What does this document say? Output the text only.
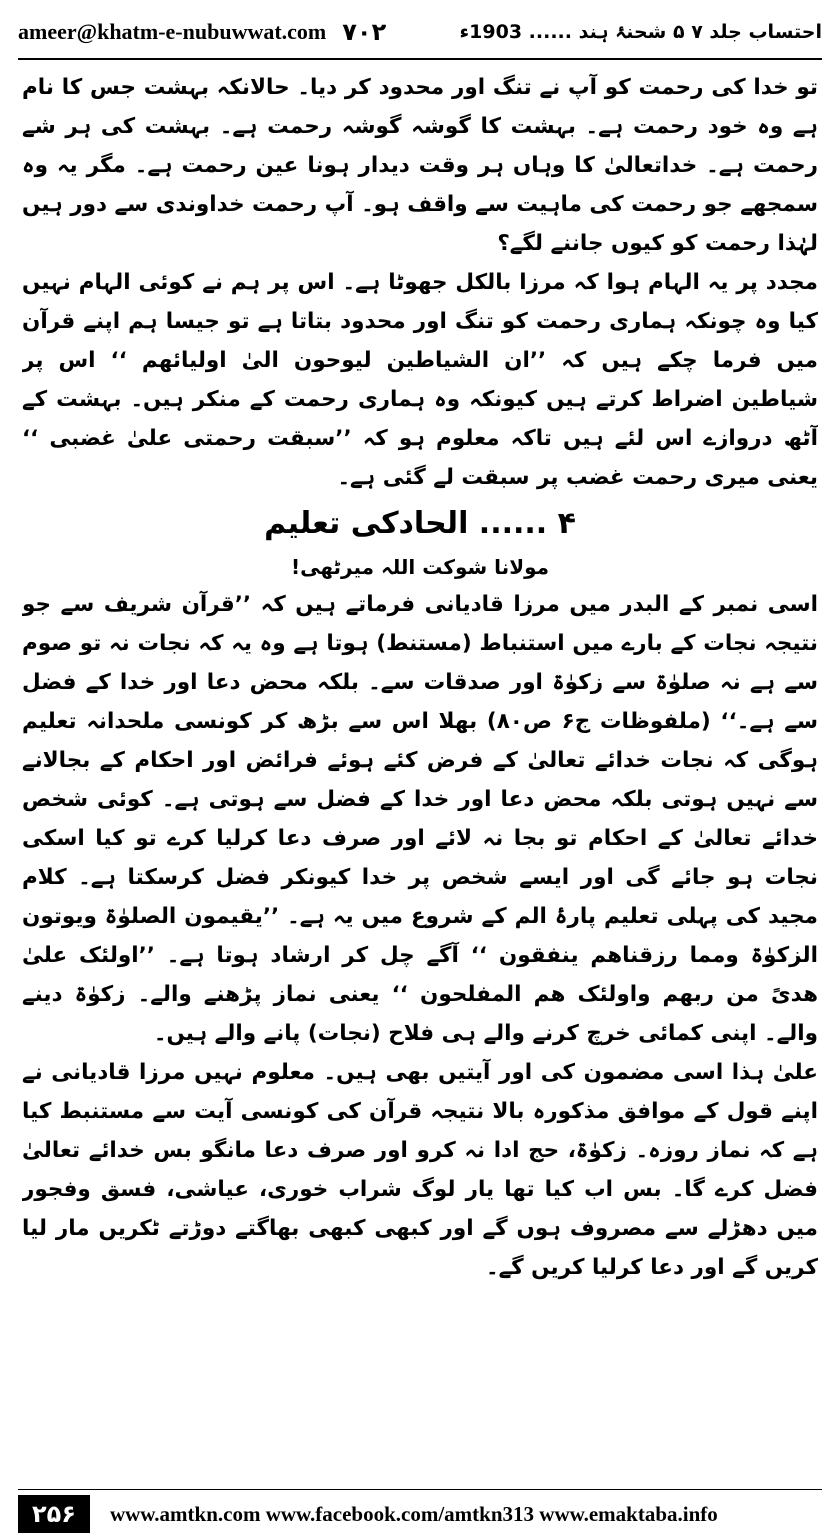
ameer@khatm-e-nubuwwat.com ۷۰۲	احتساب جلد ۷ ۵ شحنۂ ہند ...... 1903ء

تو خدا کی رحمت کو آپ نے تنگ اور محدود کر دیا۔ حالانکہ بہشت جس کا نام ہے وہ خود رحمت ہے۔ بہشت کا گوشہ گوشہ رحمت ہے۔ بہشت کی ہر شے رحمت ہے۔ خداتعالیٰ کا وہاں ہر وقت دیدار ہونا عین رحمت ہے۔ مگر یہ وہ سمجھے جو رحمت کی ماہیت سے واقف ہو۔ آپ رحمت خداوندی سے دور ہیں لہٰذا رحمت کو کیوں جاننے لگے؟

مجدد پر یہ الہام ہوا کہ مرزا بالکل جھوٹا ہے۔ اس پر ہم نے کوئی الہام نہیں کیا وہ چونکہ ہماری رحمت کو تنگ اور محدود بتاتا ہے تو جیسا ہم اپنے قرآن میں فرما چکے ہیں کہ ’’ان الشیاطین لیوحون الیٰ اولیائھم ‘‘ اس پر شیاطین اضراط کرتے ہیں کیونکہ وہ ہماری رحمت کے منکر ہیں۔ بہشت کے آٹھ دروازے اس لئے ہیں تاکہ معلوم ہو کہ ’’سبقت رحمتی علیٰ غضبی ‘‘ یعنی میری رحمت غضب پر سبقت لے گئی ہے۔

۴ ...... الحادکی تعلیم
مولانا شوکت اللہ میرٹھی!

اسی نمبر کے البدر میں مرزا قادیانی فرماتے ہیں کہ ’’قرآن شریف سے جو نتیجہ نجات کے بارے میں استنباط (مستنط) ہوتا ہے وہ یہ کہ نجات نہ تو صوم سے ہے نہ صلوٰۃ سے زکوٰۃ اور صدقات سے۔ بلکہ محض دعا اور خدا کے فضل سے ہے۔‘‘ (ملفوظات ج۶ ص۸۰) بھلا اس سے بڑھ کر کونسی ملحدانہ تعلیم ہوگی کہ نجات خدائے تعالیٰ کے فرض کئے ہوئے فرائض اور احکام کے بجالانے سے نہیں ہوتی بلکہ محض دعا اور خدا کے فضل سے ہوتی ہے۔ کوئی شخص خدائے تعالیٰ کے احکام تو بجا نہ لائے اور صرف دعا کرلیا کرے تو کیا اسکی نجات ہو جائے گی اور ایسے شخص پر خدا کیونکر فضل کرسکتا ہے۔ کلام مجید کی پہلی تعلیم پارۂ الم کے شروع میں یہ ہے۔ ’’یقیمون الصلوٰۃ ویوتون الزکوٰۃ ومما رزقناھم ینفقون ‘‘ آگے چل کر ارشاد ہوتا ہے۔ ’’اولئک علیٰ ھدیً من ربھم واولئک ھم المفلحون ‘‘ یعنی نماز پڑھنے والے۔ زکوٰۃ دینے والے۔ اپنی کمائی خرچ کرنے والے ہی فلاح (نجات) پانے والے ہیں۔

علیٰ ہذا اسی مضمون کی اور آیتیں بھی ہیں۔ معلوم نہیں مرزا قادیانی نے اپنے قول کے موافق مذکورہ بالا نتیجہ قرآن کی کونسی آیت سے مستنبط کیا ہے کہ نماز روزہ۔ زکوٰۃ، حج ادا نہ کرو اور صرف دعا مانگو بس خدائے تعالیٰ فضل کرے گا۔ بس اب کیا تھا یار لوگ شراب خوری، عیاشی، فسق وفجور میں دھڑلے سے مصروف ہوں گے اور کبھی کبھی بھاگتے دوڑتے ٹکریں مار لیا کریں گے اور دعا کرلیا کریں گے۔

۲۵۶	www.amtkn.com www.facebook.com/amtkn313 www.emaktaba.info
